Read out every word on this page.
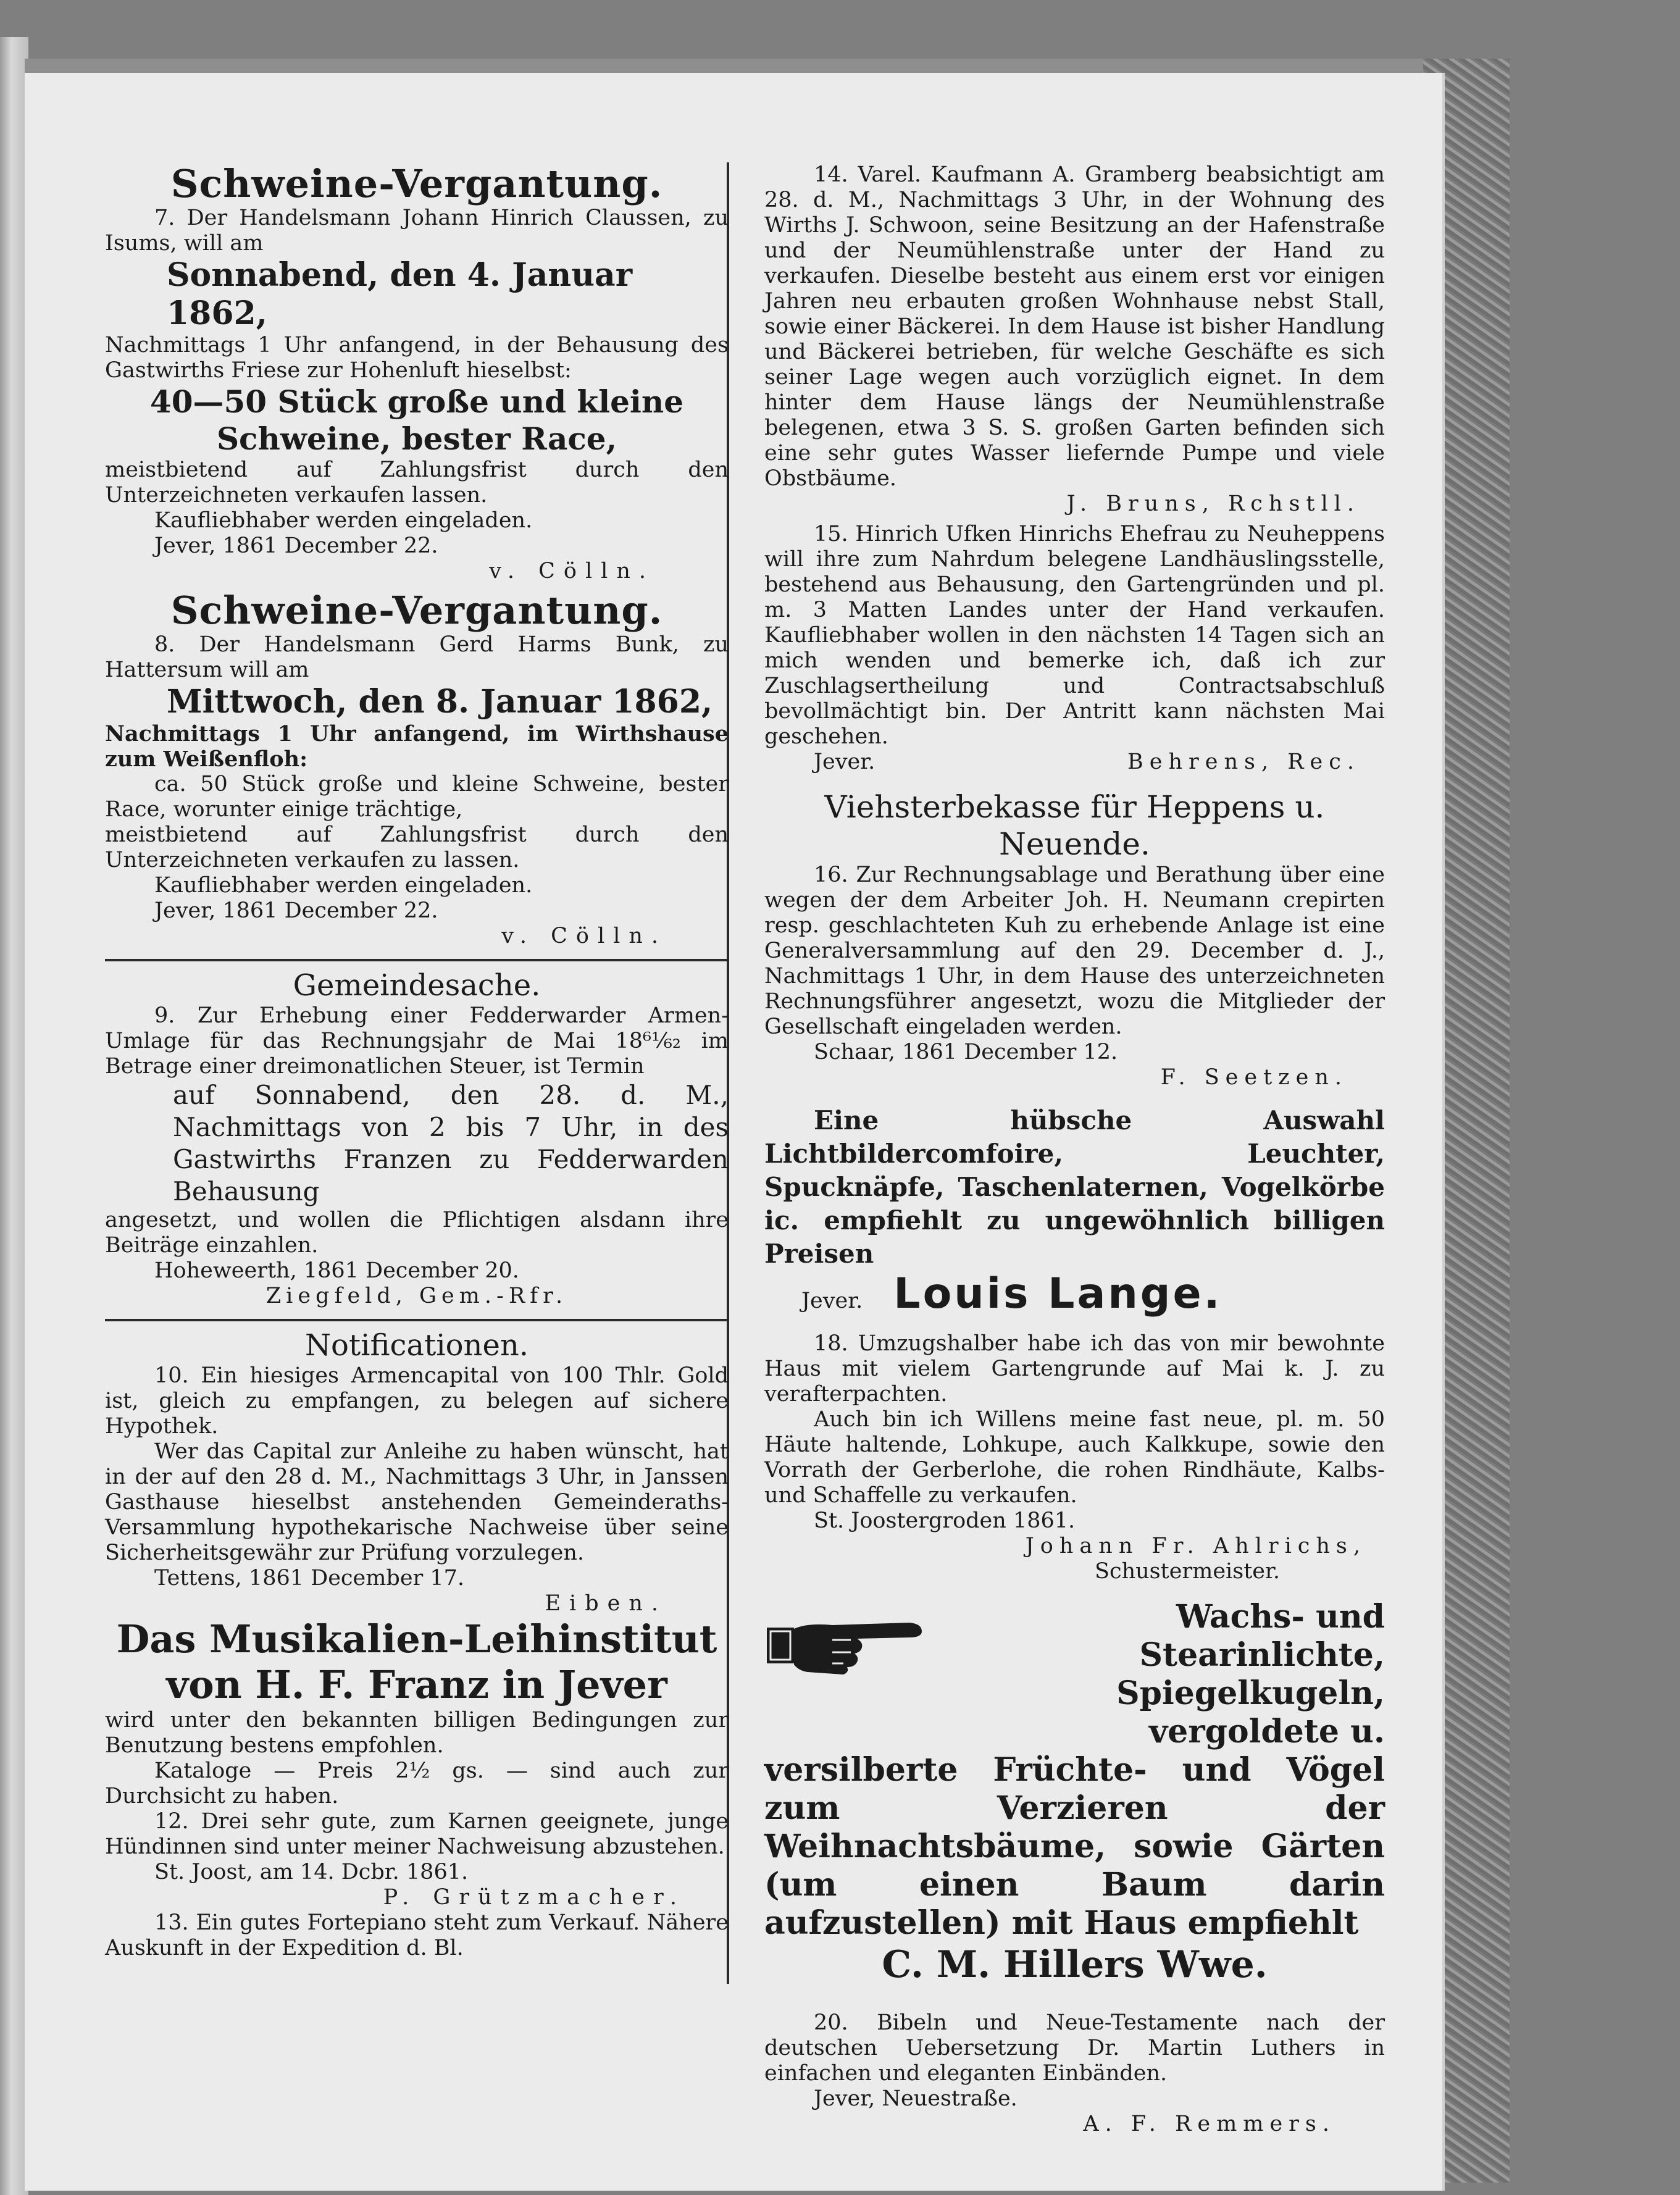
Schweine-Vergantung.

7. Der Handelsmann Johann Hinrich Claussen, zu Isums, will am

Sonnabend, den 4. Januar 1862,

Nachmittags 1 Uhr anfangend, in der Behausung des Gastwirths Friese zur Hohenluft hieselbst:

40—50 Stück große und kleine
Schweine, bester Race,

meistbietend auf Zahlungsfrist durch den Unterzeichneten verkaufen lassen.

Kaufliebhaber werden eingeladen.

Jever, 1861 December 22.

v. Cölln.

Schweine-Vergantung.

8. Der Handelsmann Gerd Harms Bunk, zu Hattersum will am

Mittwoch, den 8. Januar 1862,

Nachmittags 1 Uhr anfangend, im Wirthshause zum Weißenfloh:

ca. 50 Stück große und kleine Schweine, bester Race, worunter einige trächtige,

meistbietend auf Zahlungsfrist durch den Unterzeichneten verkaufen zu lassen.

Kaufliebhaber werden eingeladen.

Jever, 1861 December 22.

v. Cölln.

Gemeindesache.

9. Zur Erhebung einer Fedderwarder Armen-Umlage für das Rechnungsjahr de Mai 18⁶¹⁄₆₂ im Betrage einer dreimonatlichen Steuer, ist Termin

auf Sonnabend, den 28. d. M., Nachmittags von 2 bis 7 Uhr, in des Gastwirths Franzen zu Fedderwarden Behausung

angesetzt, und wollen die Pflichtigen alsdann ihre Beiträge einzahlen.

Hoheweerth, 1861 December 20.

Ziegfeld, Gem.-Rfr.

Notificationen.

10. Ein hiesiges Armencapital von 100 Thlr. Gold ist, gleich zu empfangen, zu belegen auf sichere Hypothek.

Wer das Capital zur Anleihe zu haben wünscht, hat in der auf den 28 d. M., Nachmittags 3 Uhr, in Janssen Gasthause hieselbst anstehenden Gemeinderaths-Versammlung hypothekarische Nachweise über seine Sicherheitsgewähr zur Prüfung vorzulegen.

Tettens, 1861 December 17.

Eiben.

Das Musikalien-Leihinstitut
von H. F. Franz in Jever

wird unter den bekannten billigen Bedingungen zur Benutzung bestens empfohlen.

Kataloge — Preis 2½ gs. — sind auch zur Durchsicht zu haben.

12. Drei sehr gute, zum Karnen geeignete, junge Hündinnen sind unter meiner Nachweisung abzustehen.

St. Joost, am 14. Dcbr. 1861.

P. Grützmacher.

13. Ein gutes Fortepiano steht zum Verkauf. Nähere Auskunft in der Expedition d. Bl.

14. Varel. Kaufmann A. Gramberg beabsichtigt am 28. d. M., Nachmittags 3 Uhr, in der Wohnung des Wirths J. Schwoon, seine Besitzung an der Hafenstraße und der Neumühlenstraße unter der Hand zu verkaufen. Dieselbe besteht aus einem erst vor einigen Jahren neu erbauten großen Wohnhause nebst Stall, sowie einer Bäckerei. In dem Hause ist bisher Handlung und Bäckerei betrieben, für welche Geschäfte es sich seiner Lage wegen auch vorzüglich eignet. In dem hinter dem Hause längs der Neumühlenstraße belegenen, etwa 3 S. S. großen Garten befinden sich eine sehr gutes Wasser liefernde Pumpe und viele Obstbäume.

J. Bruns, Rchstll.

15. Hinrich Ufken Hinrichs Ehefrau zu Neuheppens will ihre zum Nahrdum belegene Landhäuslingsstelle, bestehend aus Behausung, den Gartengründen und pl. m. 3 Matten Landes unter der Hand verkaufen. Kaufliebhaber wollen in den nächsten 14 Tagen sich an mich wenden und bemerke ich, daß ich zur Zuschlagsertheilung und Contractsabschluß bevollmächtigt bin. Der Antritt kann nächsten Mai geschehen.

Jever.	Behrens, Rec.
Viehsterbekasse für Heppens u. Neuende.

16. Zur Rechnungsablage und Berathung über eine wegen der dem Arbeiter Joh. H. Neumann crepirten resp. geschlachteten Kuh zu erhebende Anlage ist eine Generalversammlung auf den 29. December d. J., Nachmittags 1 Uhr, in dem Hause des unterzeichneten Rechnungsführer angesetzt, wozu die Mitglieder der Gesellschaft eingeladen werden.

Schaar, 1861 December 12.

F. Seetzen.

Eine hübsche Auswahl Lichtbildercomfoire, Leuchter, Spucknäpfe, Taschenlaternen, Vogelkörbe ic. empfiehlt zu ungewöhnlich billigen Preisen

Jever. Louis Lange.

18. Umzugshalber habe ich das von mir bewohnte Haus mit vielem Gartengrunde auf Mai k. J. zu verafterpachten.

Auch bin ich Willens meine fast neue, pl. m. 50 Häute haltende, Lohkupe, auch Kalkkupe, sowie den Vorrath der Gerberlohe, die rohen Rindhäute, Kalbs- und Schaffelle zu verkaufen.

St. Joostergroden 1861.

Johann Fr. Ahlrichs,

Schustermeister.

Wachs- und Stearinlichte, Spiegelkugeln, vergoldete u.

versilberte Früchte- und Vögel zum Verzieren der Weihnachtsbäume, sowie Gärten (um einen Baum darin aufzustellen) mit Haus empfiehlt

C. M. Hillers Wwe.

20. Bibeln und Neue-Testamente nach der deutschen Uebersetzung Dr. Martin Luthers in einfachen und eleganten Einbänden.

Jever, Neuestraße.

A. F. Remmers.
